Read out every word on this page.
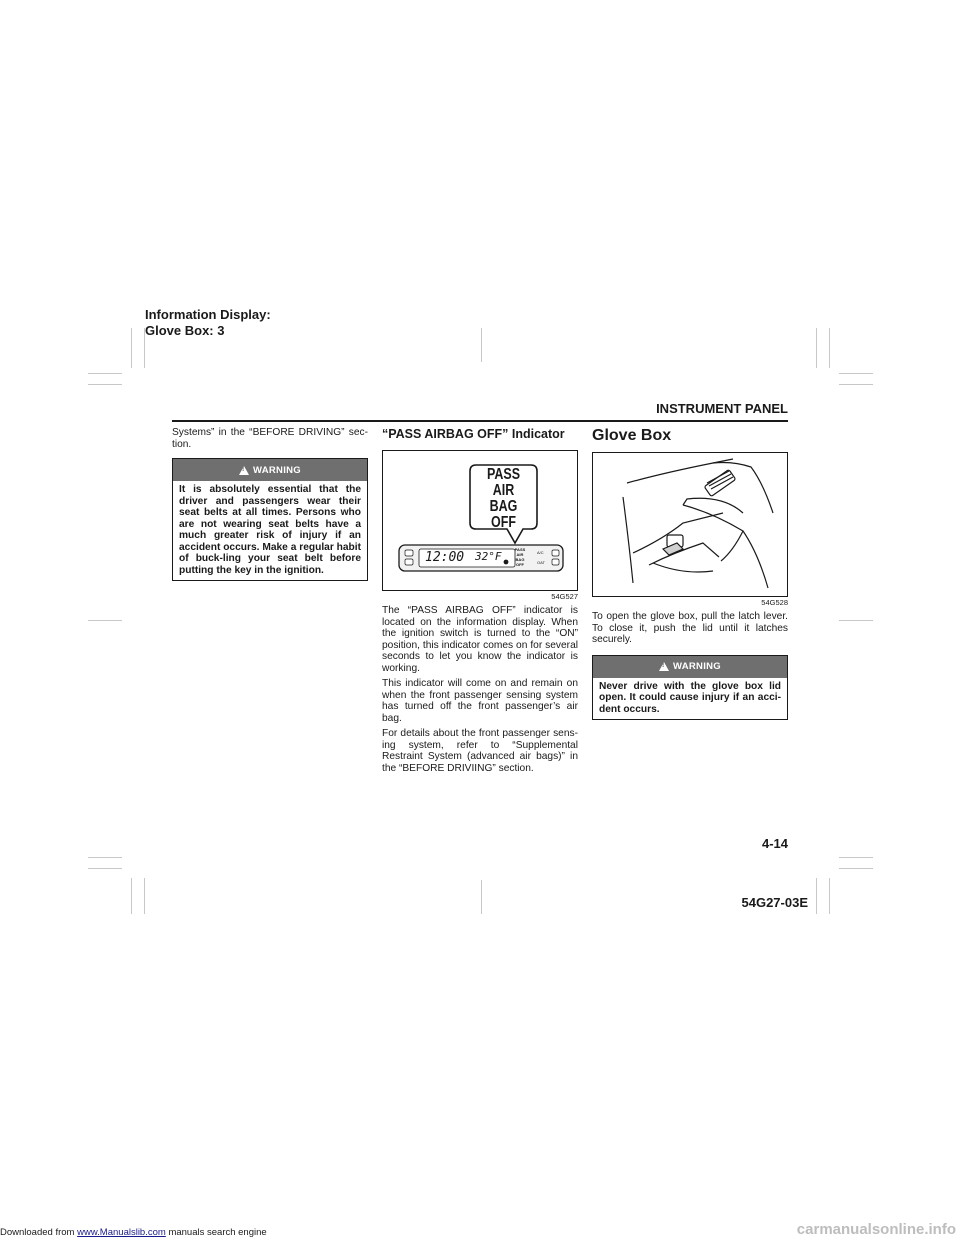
Information Display:
Glove Box: 3
INSTRUMENT PANEL
Systems” in the “BEFORE DRIVING” sec-tion.
!
WARNING
It is absolutely essential that the driver and passengers wear their seat belts at all times. Persons who are not wearing seat belts have a much greater risk of injury if an accident occurs. Make a regular habit of buck-ling your seat belt before putting the key in the ignition.
“PASS AIRBAG OFF” Indicator
PASS
AIR BAG
OFF
12:00 32°F
PASS
AIR BAG
OFF
A/C
OAT
54G527

The “PASS AIRBAG OFF” indicator is located on the information display. When the ignition switch is turned to the “ON” position, this indicator comes on for several seconds to let you know the indicator is working.

This indicator will come on and remain on when the front passenger sensing system has turned off the front passenger’s air bag.

For details about the front passenger sens-ing system, refer to “Supplemental Restraint System (advanced air bags)” in the “BEFORE DRIVIING” section.

Glove Box
54G528
To open the glove box, pull the latch lever. To close it, push the lid until it latches securely.
!
WARNING
Never drive with the glove box lid open. It could cause injury if an acci-dent occurs.
4-14
54G27-03E
Downloaded from www.Manualslib.com manuals search engine	carmanualsonline.info
